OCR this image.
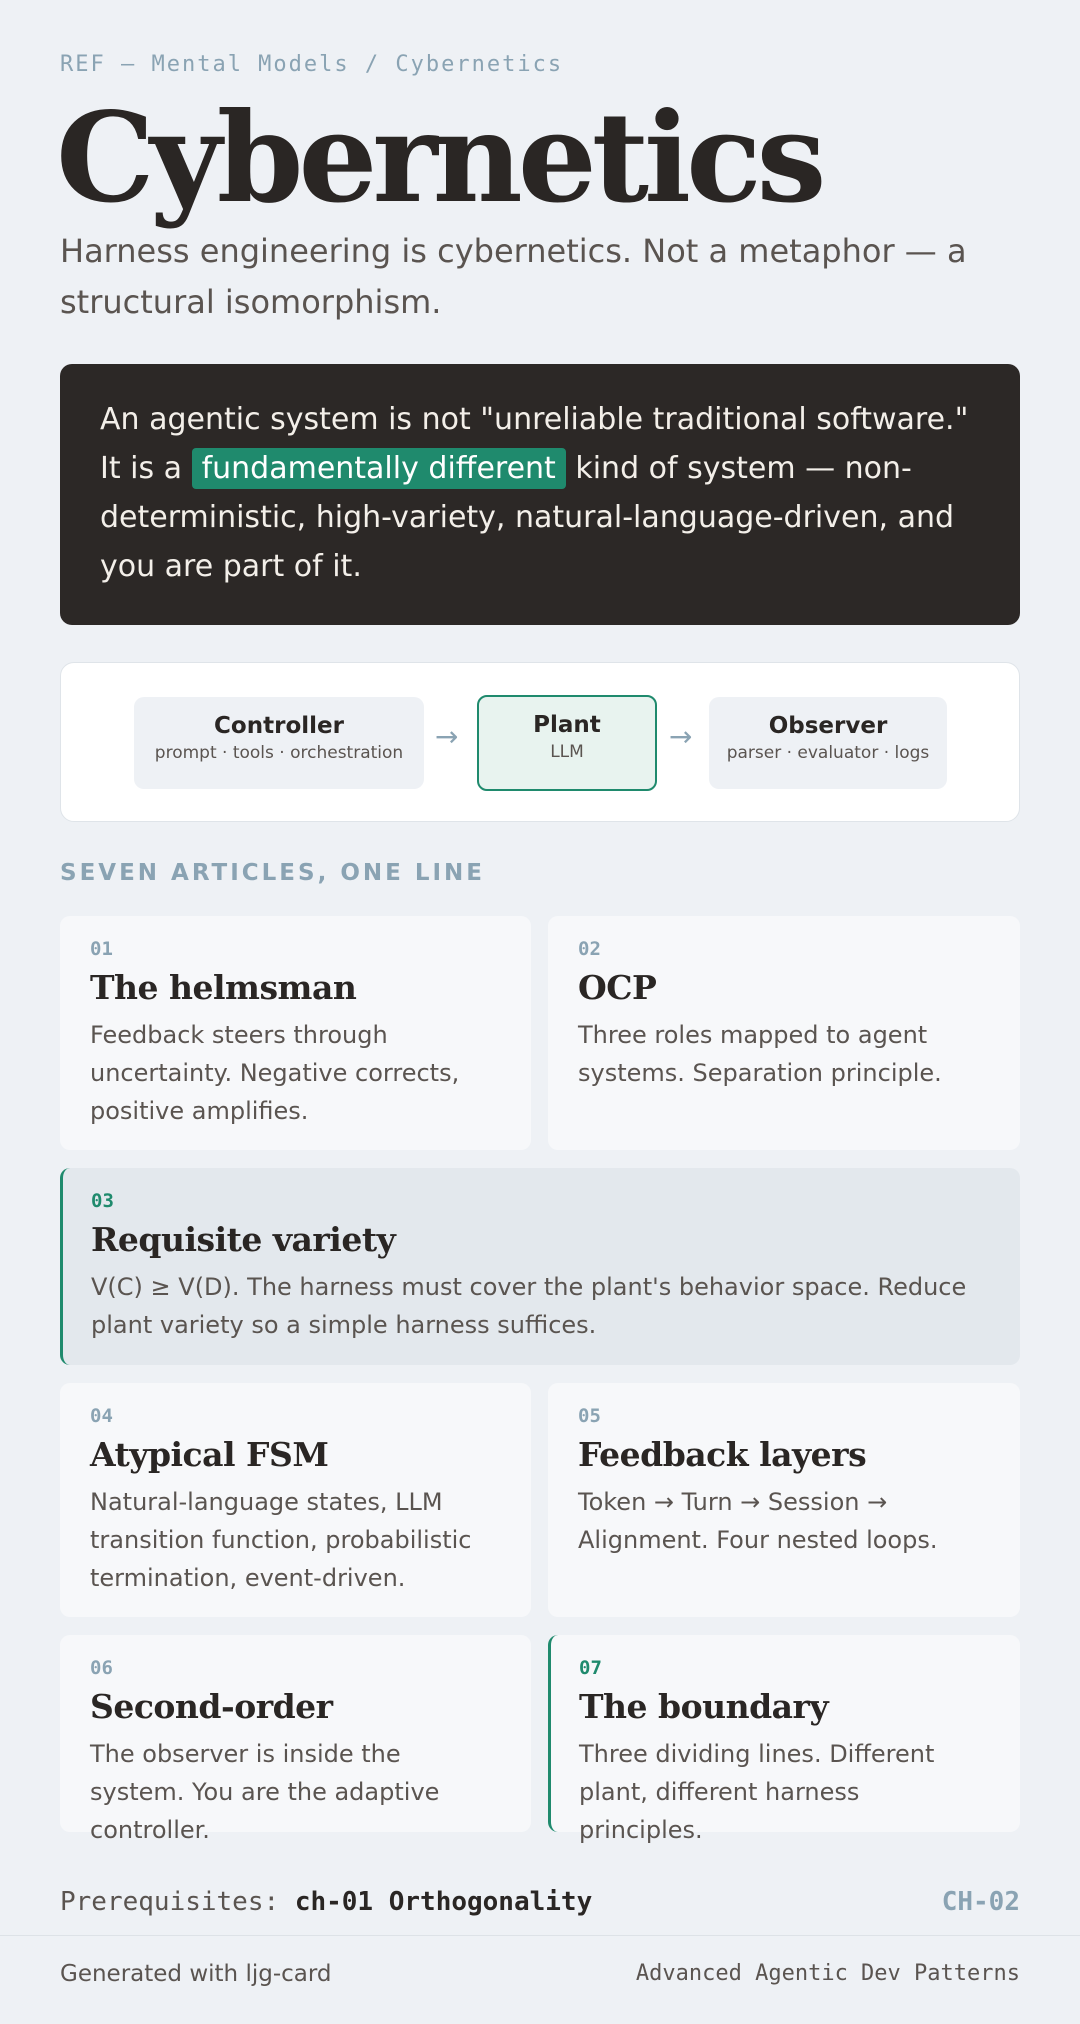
REF — Mental Models / Cybernetics
Cybernetics

Harness engineering is cybernetics. Not a metaphor — a structural isomorphism.

An agentic system is not "unreliable traditional software." It is a fundamentally different kind of system — non-deterministic, high-variety, natural-language-driven, and you are part of it.
Controller
prompt · tools · orchestration	→	Plant
LLM	→	Observer
parser · evaluator · logs
SEVEN ARTICLES, ONE LINE
01
The helmsman
Feedback steers through uncertainty. Negative corrects, positive amplifies.
02
OCP
Three roles mapped to agent systems. Separation principle.
03
Requisite variety
V(C) ≥ V(D). The harness must cover the plant's behavior space. Reduce plant variety so a simple harness suffices.
04
Atypical FSM
Natural-language states, LLM transition function, probabilistic termination, event-driven.
05
Feedback layers
Token → Turn → Session → Alignment. Four nested loops.
06
Second-order
The observer is inside the system. You are the adaptive controller.
07
The boundary
Three dividing lines. Different plant, different harness principles.
Prerequisites: ch-01 Orthogonality	CH-02
Generated with ljg-card	Advanced Agentic Dev Patterns
